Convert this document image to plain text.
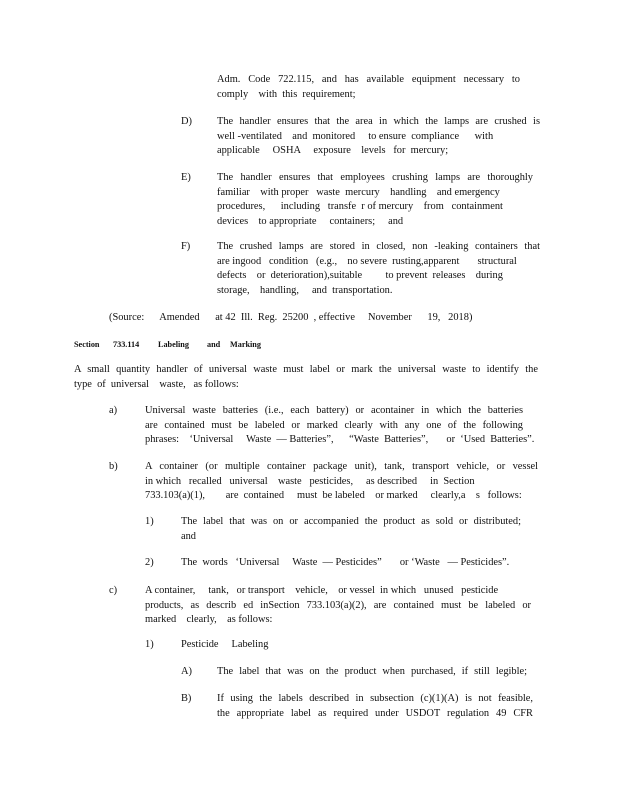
Adm. Code 722.115, and has available equipment necessary to
comply    with  this  requirement;
D) The handler ensures that the area in which the lamps are crushed is
well -ventilated    and  monitored     to ensure  compliance      with
applicable     OSHA     exposure    levels   for  mercury;
E)	The handler ensures that employees crushing lamps are thoroughly
familiar    with proper   waste  mercury    handling    and emergency
procedures,      including   transfe  r of mercury    from   containment
devices    to appropriate     containers;     and
F)	The crushed lamps are stored in closed, non -leaking containers that
are ingood   condition   (e.g.,    no severe  rusting,apparent       structural
defects    or  deterioration),suitable         to prevent  releases    during
storage,    handling,     and  transportation.
(Source:      Amended      at 42  Ill.  Reg.  25200  , effective     November      19,   2018)
Section 733.114 Labeling and Marking
A small quantity handler of universal waste must label or mark the universal waste to identify the
type  of  universal    waste,   as follows:
a)	Universal waste batteries (i.e., each battery) or acontainer in which the batteries
are contained must be labeled or marked clearly with any one of the following
phrases:    ‘Universal     Waste  — Batteries”,      “Waste  Batteries”,       or  ‘Used  Batteries”.
b)	A container (or multiple container package unit), tank, transport vehicle, or vessel
in which   recalled   universal    waste   pesticides,     as described     in  Section
733.103(a)(1),        are  contained     must  be labeled    or marked     clearly,a    s   follows:
1)	The label that was on or accompanied the product as sold or distributed;
and
2)	The  words   ‘Universal     Waste  — Pesticides”       or ‘Waste   — Pesticides”.
c)	A container,     tank,   or transport    vehicle,    or vessel  in which   unused   pesticide
products, as describ ed inSection 733.103(a)(2), are contained must be labeled or
marked    clearly,    as follows:
1)	Pesticide     Labeling
A) The label that was on the product when purchased, if still legible;
B) If using the labels described in subsection (c)(1)(A) is not feasible,
the appropriate label as required under USDOT regulation 49 CFR
